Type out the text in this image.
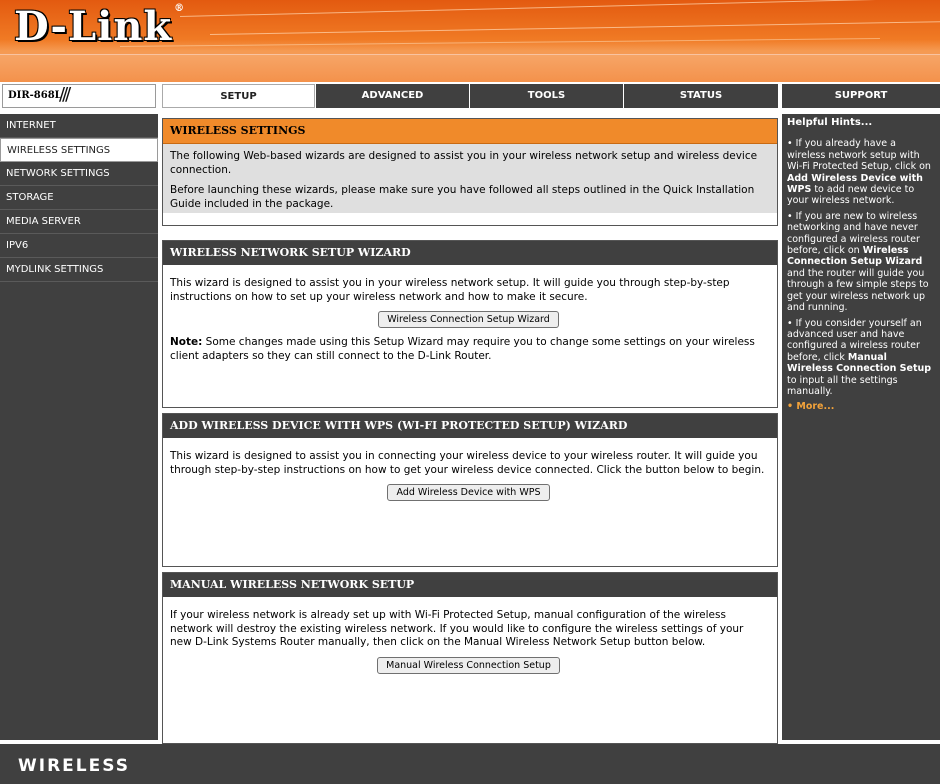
D-Link ®
DIR-868L
///	SETUP	ADVANCED	TOOLS	STATUS	SUPPORT
INTERNET
WIRELESS SETTINGS
NETWORK SETTINGS
STORAGE
MEDIA SERVER
IPV6
MYDLINK SETTINGS
WIRELESS SETTINGS

The following Web-based wizards are designed to assist you in your wireless network setup and wireless device connection.

Before launching these wizards, please make sure you have followed all steps outlined in the Quick Installation Guide included in the package.

WIRELESS NETWORK SETUP WIZARD

This wizard is designed to assist you in your wireless network setup. It will guide you through step-by-step instructions on how to set up your wireless network and how to make it secure.

Wireless Connection Setup Wizard

Note: Some changes made using this Setup Wizard may require you to change some settings on your wireless client adapters so they can still connect to the D-Link Router.

ADD WIRELESS DEVICE WITH WPS (WI-FI PROTECTED SETUP) WIZARD

This wizard is designed to assist you in connecting your wireless device to your wireless router. It will guide you through step-by-step instructions on how to get your wireless device connected. Click the button below to begin.

Add Wireless Device with WPS
MANUAL WIRELESS NETWORK SETUP

If your wireless network is already set up with Wi-Fi Protected Setup, manual configuration of the wireless network will destroy the existing wireless network. If you would like to configure the wireless settings of your new D-Link Systems Router manually, then click on the Manual Wireless Network Setup button below.

Manual Wireless Connection Setup
Helpful Hints...
• If you already have a wireless network setup with Wi-Fi Protected Setup, click on Add Wireless Device with WPS to add new device to your wireless network.
• If you are new to wireless networking and have never configured a wireless router before, click on Wireless Connection Setup Wizard and the router will guide you through a few simple steps to get your wireless network up and running.
• If you consider yourself an advanced user and have configured a wireless router before, click Manual Wireless Connection Setup to input all the settings manually.
• More...
WIRELESS
